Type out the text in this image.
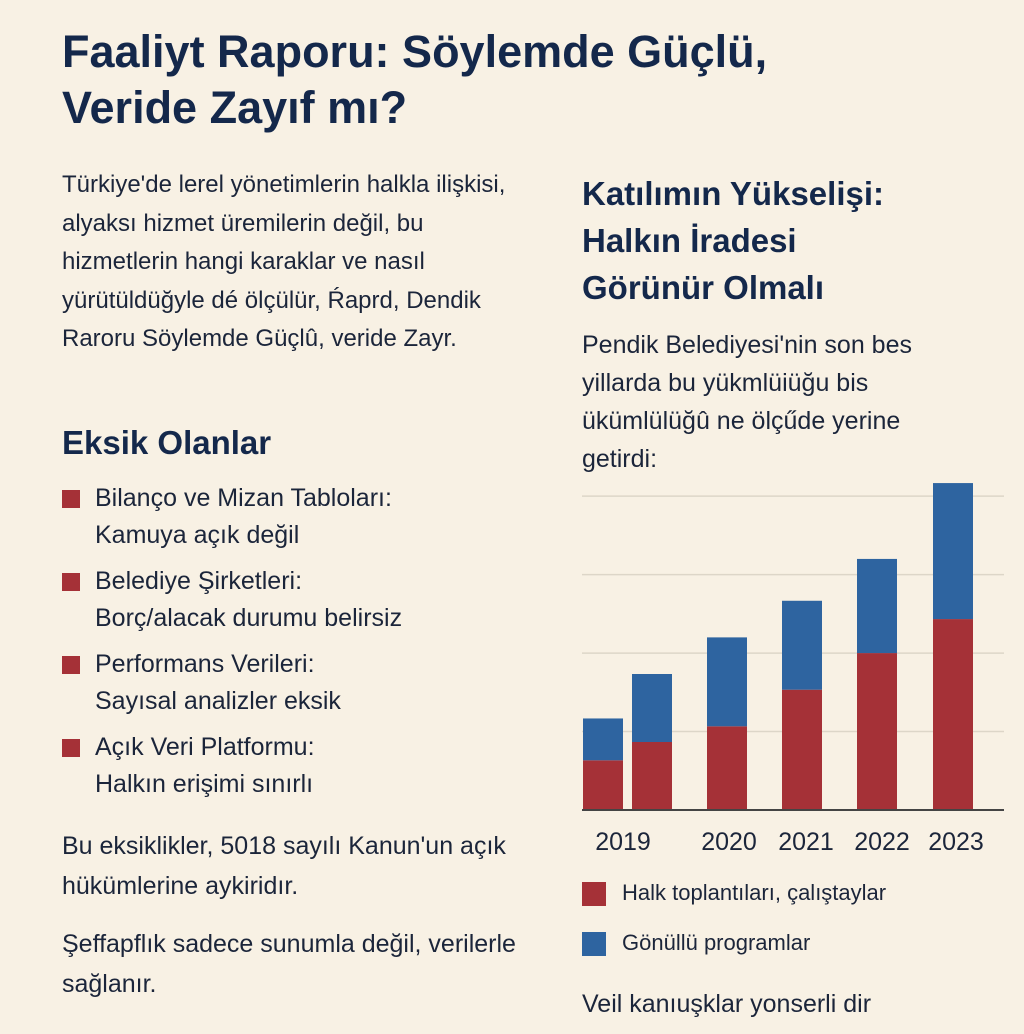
Faaliyt Raporu: Söylemde Güçlü,
Veride Zayıf mı?
Türkiye'de lerel yönetimlerin halkla ilişkisi, alyaksı hizmet üremilerin değil, bu hizmetlerin hangi karaklar ve nasıl yürütüldüğyle dé ölçülür, Ŕaprd, Dendik Raroru Söylemde Güçlû, veride Zayr.
Eksik Olanlar
Bilanço ve Mizan Tabloları:
Kamuya açık değil
Belediye Şirketleri:
Borç/alacak durumu belirsiz
Performans Verileri:
Sayısal analizler eksik
Açık Veri Platformu:
Halkın erişimi sınırlı
Bu eksiklikler, 5018 sayılı Kanun'un açık hükümlerine aykiridır.
Şeffapflık sadece sunumla değil, verilerle sağlanır.
Katılımın Yükselişi:
Halkın İradesi
Görünür Olmalı
Pendik Belediyesi'nin son bes yillarda bu yükmlüiüğu bis ükümlülüğû ne ölçűde yerine getirdi:
2019 2020 2021 2022 2023
Halk toplantıları, çalıştaylar
Gönüllü programlar
Veil kanıuşklar yonserli dir
